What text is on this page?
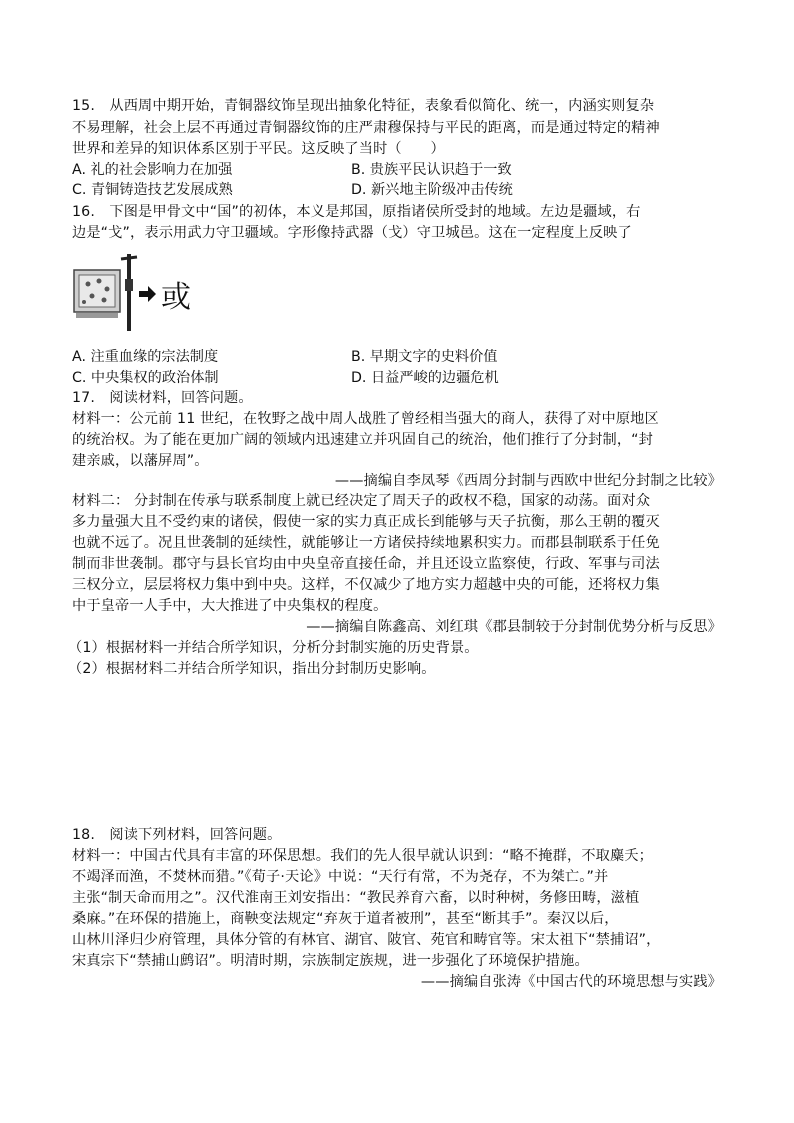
15.　从西周中期开始，青铜器纹饰呈现出抽象化特征，表象看似简化、统一，内涵实则复杂
不易理解，社会上层不再通过青铜器纹饰的庄严肃穆保持与平民的距离，而是通过特定的精神
世界和差异的知识体系区别于平民。这反映了当时（　　）
A. 礼的社会影响力在加强	B. 贵族平民认识趋于一致
C. 青铜铸造技艺发展成熟	D. 新兴地主阶级冲击传统
16.　下图是甲骨文中“国”的初体，本义是邦国，原指诸侯所受封的地域。左边是疆域，右
边是“戈”，表示用武力守卫疆域。字形像持武器（戈）守卫城邑。这在一定程度上反映了
或
A. 注重血缘的宗法制度	B. 早期文字的史料价值
C. 中央集权的政治体制	D. 日益严峻的边疆危机
17.　阅读材料，回答问题。
材料一：公元前 11 世纪，在牧野之战中周人战胜了曾经相当强大的商人，获得了对中原地区
的统治权。为了能在更加广阔的领域内迅速建立并巩固自己的统治，他们推行了分封制，“封
建亲戚，以藩屏周”。
——摘编自李凤琴《西周分封制与西欧中世纪分封制之比较》
材料二： 分封制在传承与联系制度上就已经决定了周天子的政权不稳，国家的动荡。面对众
多力量强大且不受约束的诸侯，假使一家的实力真正成长到能够与天子抗衡，那么王朝的覆灭
也就不远了。况且世袭制的延续性，就能够让一方诸侯持续地累积实力。而郡县制联系于任免
制而非世袭制。郡守与县长官均由中央皇帝直接任命，并且还设立监察使，行政、军事与司法
三权分立，层层将权力集中到中央。这样，不仅减少了地方实力超越中央的可能，还将权力集
中于皇帝一人手中，大大推进了中央集权的程度。
——摘编自陈鑫高、刘红琪《郡县制较于分封制优势分析与反思》
（1）根据材料一并结合所学知识，分析分封制实施的历史背景。
（2）根据材料二并结合所学知识，指出分封制历史影响。
18.　阅读下列材料，回答问题。
材料一：中国古代具有丰富的环保思想。我们的先人很早就认识到：“略不掩群，不取麋夭；
不竭泽而渔，不焚林而猎。”《荀子·天论》中说：“天行有常，不为尧存，不为桀亡。”并
主张“制天命而用之”。汉代淮南王刘安指出：“教民养育六畜，以时种树，务修田畴，滋植
桑麻。”在环保的措施上，商鞅变法规定“弃灰于道者被刑”，甚至“断其手”。秦汉以后，
山林川泽归少府管理，具体分管的有林官、湖官、陂官、苑官和畴官等。宋太祖下“禁捕诏”，
宋真宗下“禁捕山鹧诏”。明清时期，宗族制定族规，进一步强化了环境保护措施。
——摘编自张涛《中国古代的环境思想与实践》
